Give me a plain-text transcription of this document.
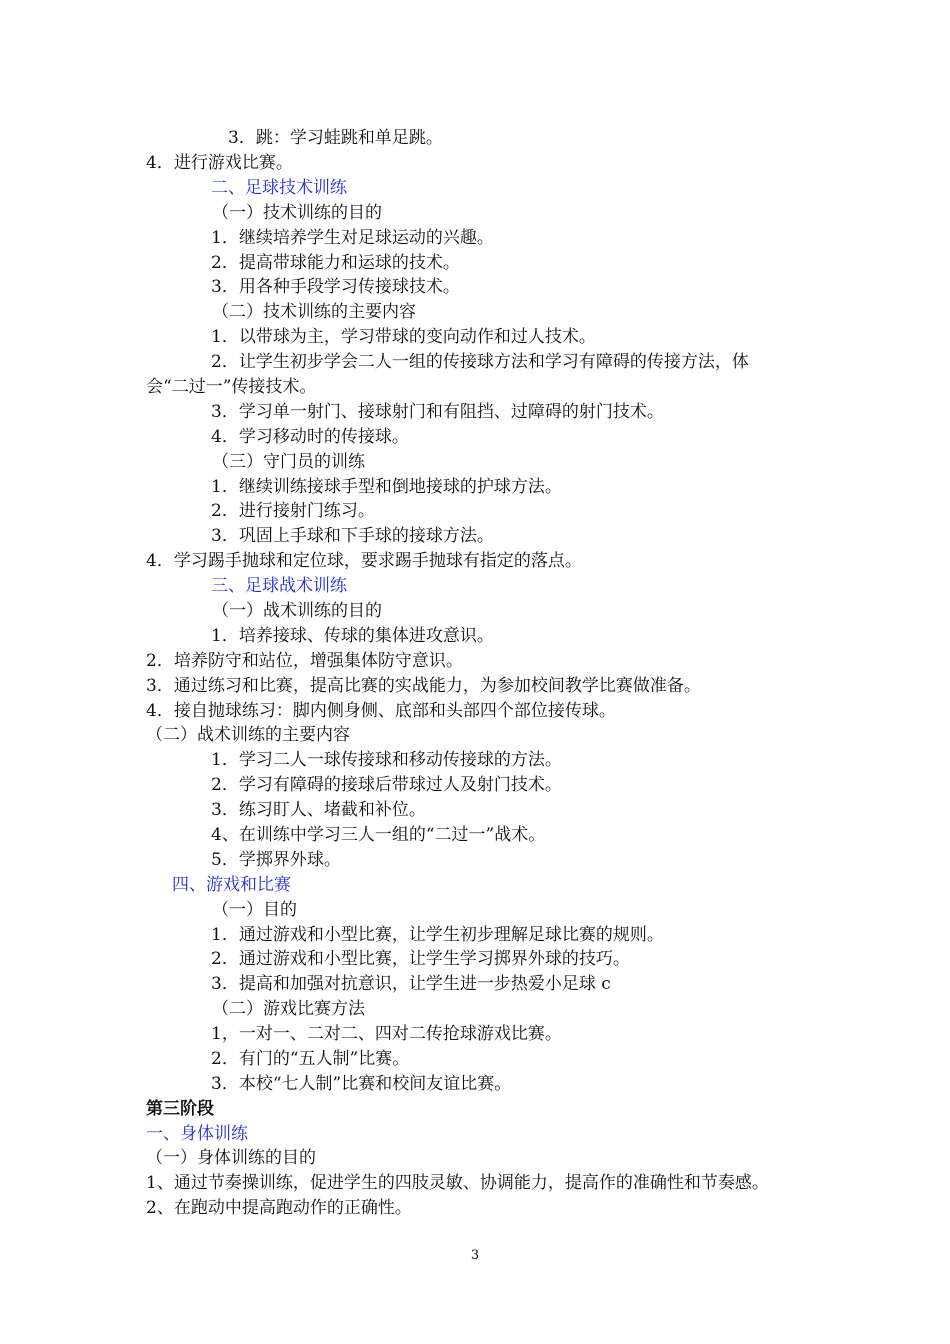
3．跳：学习蛙跳和单足跳。
4．进行游戏比赛。
二、足球技术训练
（一）技术训练的目的
1．继续培养学生对足球运动的兴趣。
2．提高带球能力和运球的技术。
3．用各种手段学习传接球技术。
（二）技术训练的主要内容
1．以带球为主，学习带球的变向动作和过人技术。
2．让学生初步学会二人一组的传接球方法和学习有障碍的传接方法，体
会“二过一”传接技术。
3．学习单一射门、接球射门和有阻挡、过障碍的射门技术。
4．学习移动时的传接球。
（三）守门员的训练
1．继续训练接球手型和倒地接球的护球方法。
2．进行接射门练习。
3．巩固上手球和下手球的接球方法。
4．学习踢手抛球和定位球，要求踢手抛球有指定的落点。
三、足球战术训练
（一）战术训练的目的
1．培养接球、传球的集体进攻意识。
2．培养防守和站位，增强集体防守意识。
3．通过练习和比赛，提高比赛的实战能力，为参加校间教学比赛做准备。
4．接自抛球练习：脚内侧身侧、底部和头部四个部位接传球。
（二）战术训练的主要内容
1．学习二人一球传接球和移动传接球的方法。
2．学习有障碍的接球后带球过人及射门技术。
3．练习盯人、堵截和补位。
4、在训练中学习三人一组的“二过一”战术。
5．学掷界外球。
四、游戏和比赛
（一）目的
1．通过游戏和小型比赛，让学生初步理解足球比赛的规则。
2．通过游戏和小型比赛，让学生学习掷界外球的技巧。
3．提高和加强对抗意识，让学生进一步热爱小足球 c
（二）游戏比赛方法
1，一对一、二对二、四对二传抢球游戏比赛。
2．有门的“五人制”比赛。
3．本校“七人制”比赛和校间友谊比赛。
第三阶段
一、身体训练
（一）身体训练的目的
1、通过节奏操训练，促进学生的四肢灵敏、协调能力，提高作的准确性和节奏感。
2、在跑动中提高跑动作的正确性。
3
